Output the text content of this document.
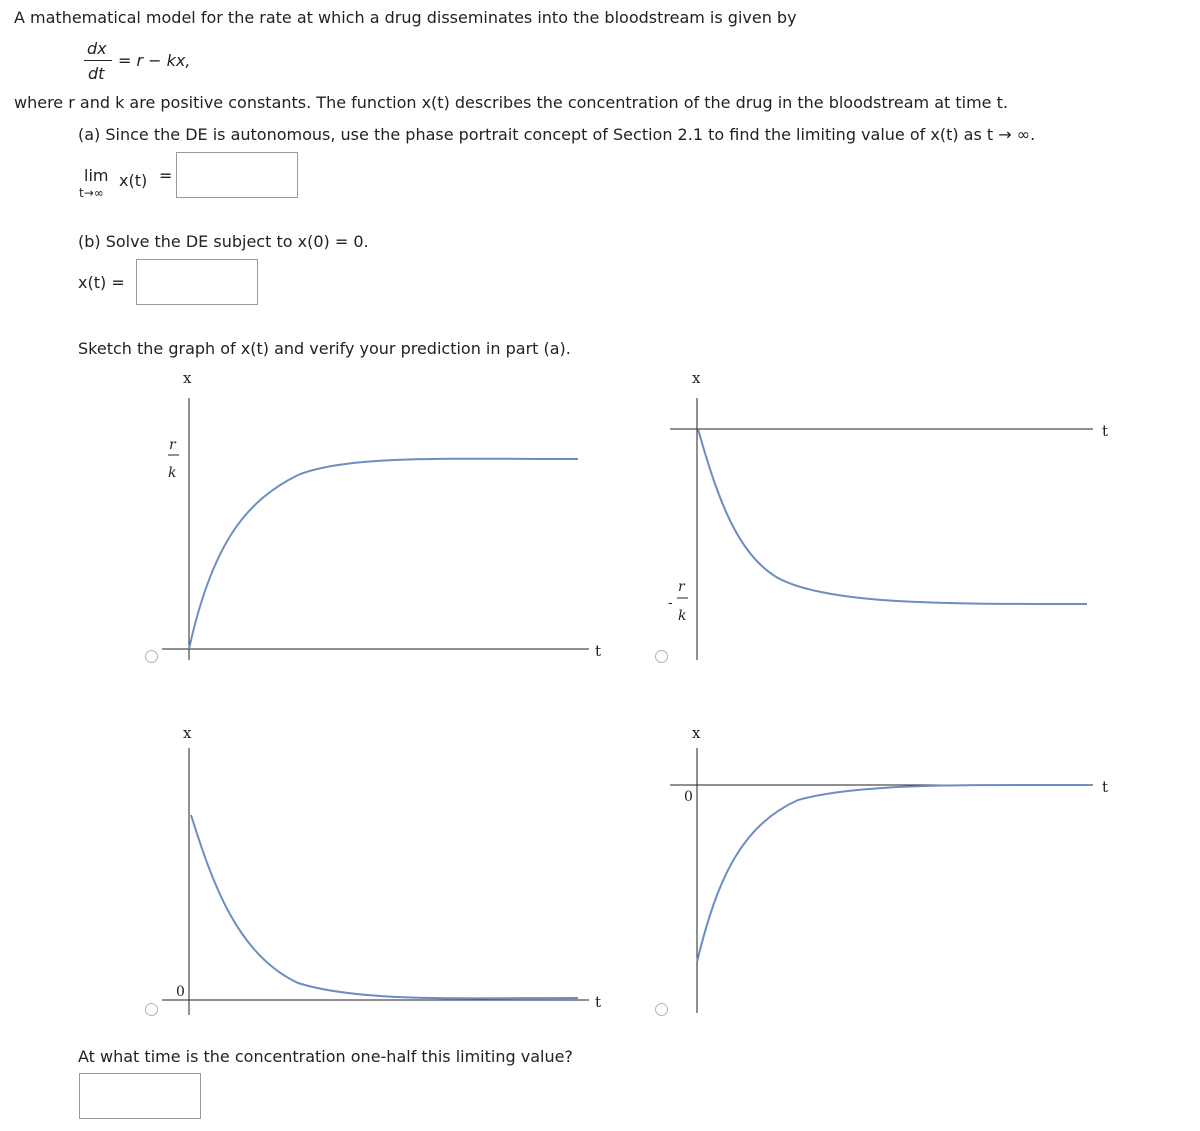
A mathematical model for the rate at which a drug disseminates into the bloodstream is given by
dx
dt
= r − kx,
where r and k are positive constants. The function x(t) describes the concentration of the drug in the bloodstream at time t.
(a) Since the DE is autonomous, use the phase portrait concept of Section 2.1 to find the limiting value of x(t) as t → ∞.
lim
t→∞
x(t) =
(b) Solve the DE subject to x(0) = 0.
x(t) =
Sketch the graph of x(t) and verify your prediction in part (a).
x
t
r
k
x
t
-
r
k
x
t
0
x
t
0
At what time is the concentration one-half this limiting value?
